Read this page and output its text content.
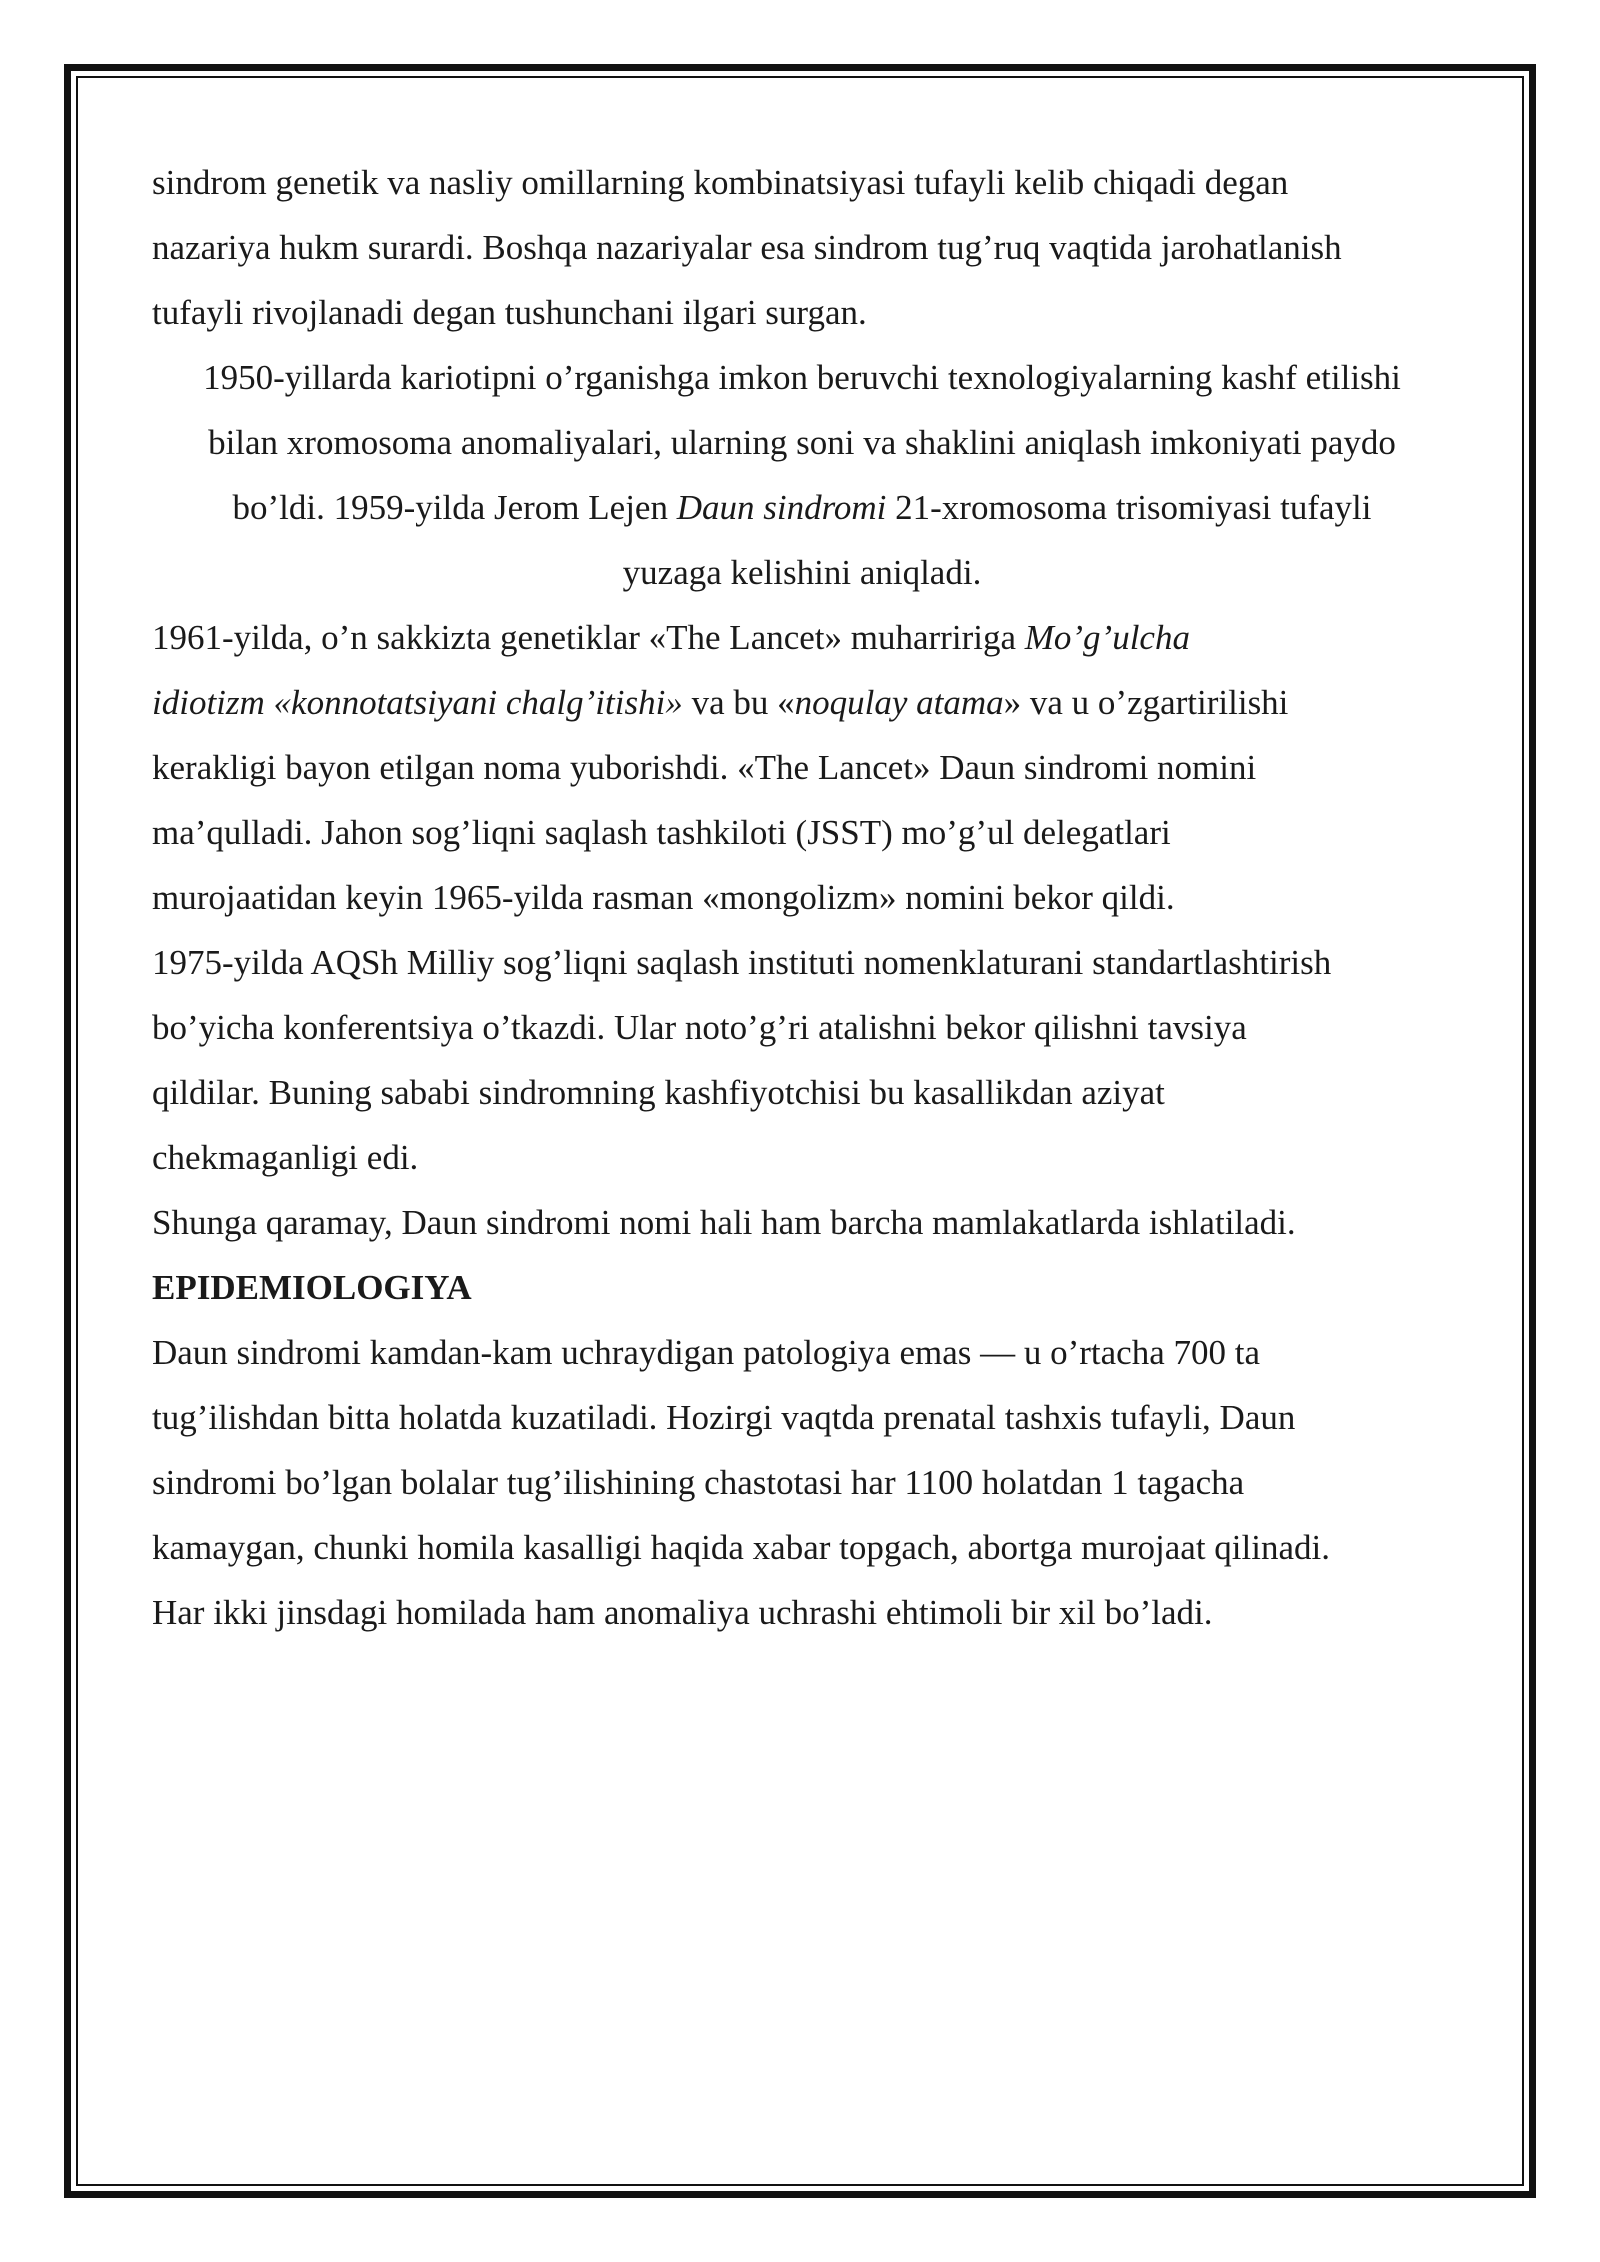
sindrom genetik va nasliy omillarning kombinatsiyasi tufayli kelib chiqadi degan
nazariya hukm surardi. Boshqa nazariyalar esa sindrom tug’ruq vaqtida jarohatlanish
tufayli rivojlanadi degan tushunchani ilgari surgan.

1950-yillarda kariotipni o’rganishga imkon beruvchi texnologiyalarning kashf etilishi
bilan xromosoma anomaliyalari, ularning soni va shaklini aniqlash imkoniyati paydo
bo’ldi. 1959-yilda Jerom Lejen Daun sindromi 21-xromosoma trisomiyasi tufayli
yuzaga kelishini aniqladi.

1961-yilda, o’n sakkizta genetiklar «The Lancet» muharririga Mo’g’ulcha
idiotizm «konnotatsiyani chalg’itishi» va bu «noqulay atama» va u o’zgartirilishi
kerakligi bayon etilgan noma yuborishdi. «The Lancet» Daun sindromi nomini
ma’qulladi. Jahon sog’liqni saqlash tashkiloti (JSST) mo’g’ul delegatlari
murojaatidan keyin 1965-yilda rasman «mongolizm» nomini bekor qildi.

1975-yilda AQSh Milliy sog’liqni saqlash instituti nomenklaturani standartlashtirish
bo’yicha konferentsiya o’tkazdi. Ular noto’g’ri atalishni bekor qilishni tavsiya
qildilar. Buning sababi sindromning kashfiyotchisi bu kasallikdan aziyat
chekmaganligi edi.

Shunga qaramay, Daun sindromi nomi hali ham barcha mamlakatlarda ishlatiladi.

EPIDEMIOLOGIYA

Daun sindromi kamdan-kam uchraydigan patologiya emas — u o’rtacha 700 ta
tug’ilishdan bitta holatda kuzatiladi. Hozirgi vaqtda prenatal tashxis tufayli, Daun
sindromi bo’lgan bolalar tug’ilishining chastotasi har 1100 holatdan 1 tagacha
kamaygan, chunki homila kasalligi haqida xabar topgach, abortga murojaat qilinadi.
Har ikki jinsdagi homilada ham anomaliya uchrashi ehtimoli bir xil bo’ladi.
